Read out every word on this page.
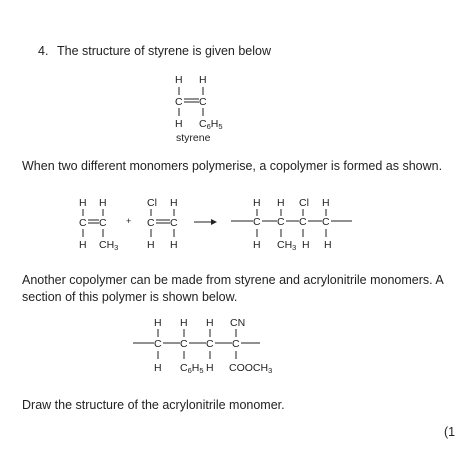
4. The structure of styrene is given below
H H
C C
H C6H5
styrene
When two different monomers polymerise, a copolymer is formed as shown.
H H
C C
H CH3
+
Cl H
C C
H H
H H Cl H
C C C C
H CH3 H H
Another copolymer can be made from styrene and acrylonitrile monomers. A
section of this polymer is shown below.
H H H CN
C C C C
H C6H5 H COOCH3
Draw the structure of the acrylonitrile monomer.
(1
